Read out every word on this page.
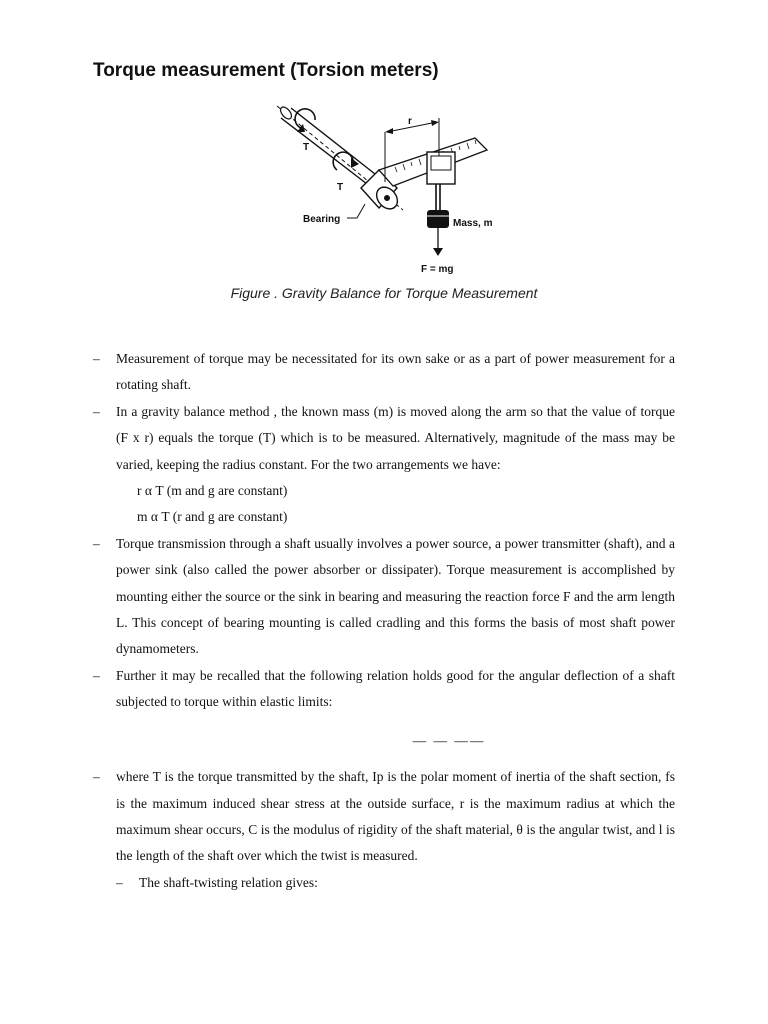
Torque measurement (Torsion meters)
T
T
Bearing
r
Mass, m
F = mg
Figure . Gravity Balance for Torque Measurement
– Measurement of torque may be necessitated for its own sake or as a part of power measurement for a rotating shaft.
– In a gravity balance method , the known mass (m) is moved along the arm so that the value of torque (F x r) equals the torque (T) which is to be measured. Alternatively, magnitude of the mass may be varied, keeping the radius constant. For the two arrangements we have:
r α T (m and g are constant)
m α T (r and g are constant)
– Torque transmission through a shaft usually involves a power source, a power transmitter (shaft), and a power sink (also called the power absorber or dissipater). Torque measurement is accomplished by mounting either the source or the sink in bearing and measuring the reaction force F and the arm length L. This concept of bearing mounting is called cradling and this forms the basis of most shaft power dynamometers.
– Further it may be recalled that the following relation holds good for the angular deflection of a shaft subjected to torque within elastic limits:
— — ——
– where T is the torque transmitted by the shaft, Ip is the polar moment of inertia of the shaft section, fs is the maximum induced shear stress at the outside surface, r is the maximum radius at which the maximum shear occurs, C is the modulus of rigidity of the shaft material, θ is the angular twist, and l is the length of the shaft over which the twist is measured.
– The shaft-twisting relation gives:
